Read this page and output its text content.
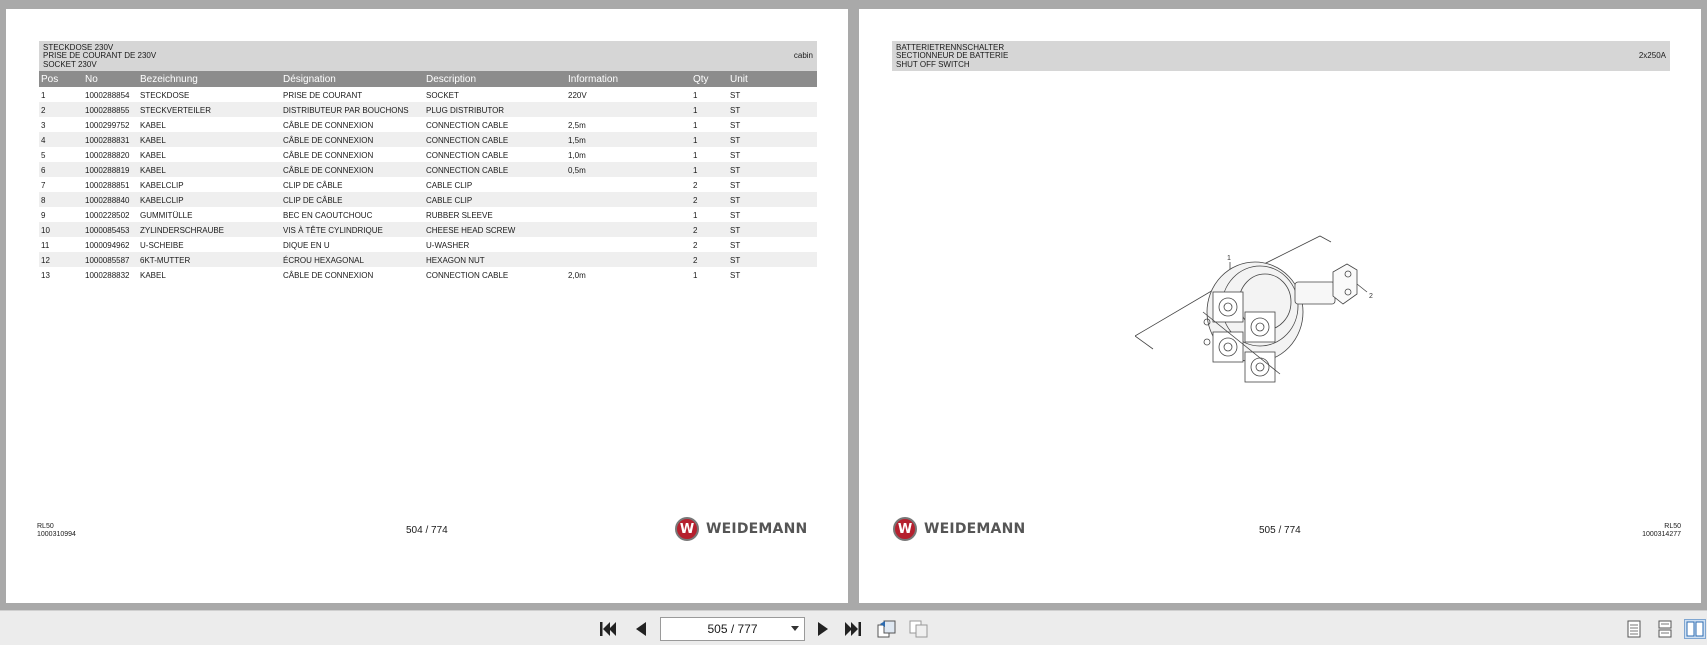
STECKDOSE 230V
PRISE DE COURANT DE 230V
SOCKET 230V
cabin
Pos	No	Bezeichnung	Désignation	Description	Information	Qty	Unit
1	1000288854	STECKDOSE	PRISE DE COURANT	SOCKET	220V	1	ST
2	1000288855	STECKVERTEILER	DISTRIBUTEUR PAR BOUCHONS	PLUG DISTRIBUTOR		1	ST
3	1000299752	KABEL	CÂBLE DE CONNEXION	CONNECTION CABLE	2,5m	1	ST
4	1000288831	KABEL	CÂBLE DE CONNEXION	CONNECTION CABLE	1,5m	1	ST
5	1000288820	KABEL	CÂBLE DE CONNEXION	CONNECTION CABLE	1,0m	1	ST
6	1000288819	KABEL	CÂBLE DE CONNEXION	CONNECTION CABLE	0,5m	1	ST
7	1000288851	KABELCLIP	CLIP DE CÂBLE	CABLE CLIP		2	ST
8	1000288840	KABELCLIP	CLIP DE CÂBLE	CABLE CLIP		2	ST
9	1000228502	GUMMITÜLLE	BEC EN CAOUTCHOUC	RUBBER SLEEVE		1	ST
10	1000085453	ZYLINDERSCHRAUBE	VIS À TÊTE CYLINDRIQUE	CHEESE HEAD SCREW		2	ST
11	1000094962	U-SCHEIBE	DIQUE EN U	U-WASHER		2	ST
12	1000085587	6KT-MUTTER	ÉCROU HEXAGONAL	HEXAGON NUT		2	ST
13	1000288832	KABEL	CÂBLE DE CONNEXION	CONNECTION CABLE	2,0m	1	ST
RL50
1000310994	504 / 774	W WEIDEMANN
BATTERIETRENNSCHALTER
SECTIONNEUR DE BATTERIE
SHUT OFF SWITCH
2x250A
W WEIDEMANN	505 / 774	RL50
1000314277
1
2
505 / 777
